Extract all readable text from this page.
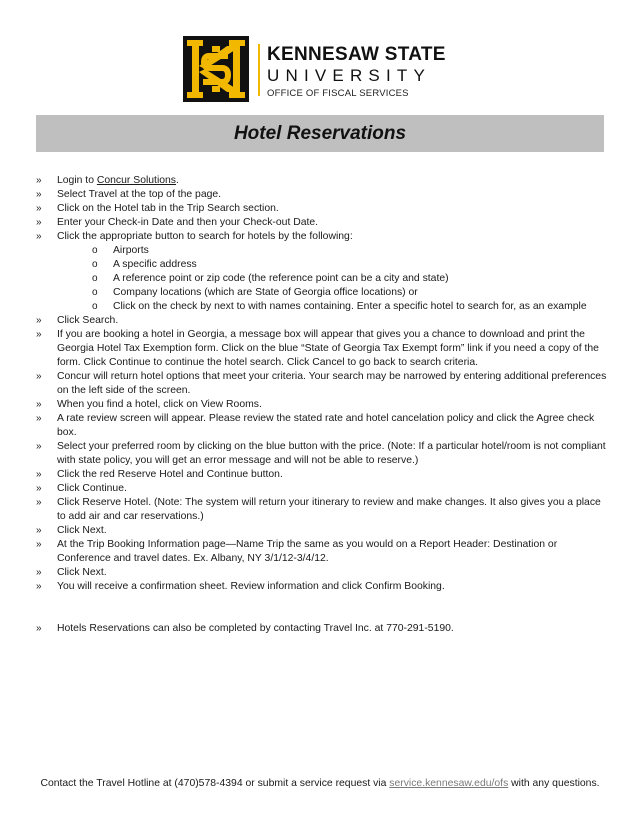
KENNESAW STATE
UNIVERSITY
OFFICE OF FISCAL SERVICES
Hotel Reservations
» Login to Concur Solutions.
» Select Travel at the top of the page.
» Click on the Hotel tab in the Trip Search section.
» Enter your Check-in Date and then your Check-out Date.
» Click the appropriate button to search for hotels by the following:
o Airports
o A specific address
o A reference point or zip code (the reference point can be a city and state)
o Company locations (which are State of Georgia office locations) or
o Click on the check by next to with names containing. Enter a specific hotel to search for, as an example
» Click Search.
» If you are booking a hotel in Georgia, a message box will appear that gives you a chance to download and print the Georgia Hotel Tax Exemption form. Click on the blue “State of Georgia Tax Exempt form” link if you need a copy of the form. Click Continue to continue the hotel search. Click Cancel to go back to search criteria.
» Concur will return hotel options that meet your criteria. Your search may be narrowed by entering additional preferences on the left side of the screen.
» When you find a hotel, click on View Rooms.
» A rate review screen will appear. Please review the stated rate and hotel cancelation policy and click the Agree check box.
» Select your preferred room by clicking on the blue button with the price. (Note: If a particular hotel/room is not compliant with state policy, you will get an error message and will not be able to reserve.)
» Click the red Reserve Hotel and Continue button.
» Click Continue.
» Click Reserve Hotel. (Note: The system will return your itinerary to review and make changes. It also gives you a place to add air and car reservations.)
» Click Next.
» At the Trip Booking Information page—Name Trip the same as you would on a Report Header: Destination or Conference and travel dates. Ex. Albany, NY 3/1/12-3/4/12.
» Click Next.
» You will receive a confirmation sheet. Review information and click Confirm Booking.
» Hotels Reservations can also be completed by contacting Travel Inc. at 770-291-5190.
Contact the Travel Hotline at (470)578-4394 or submit a service request via service.kennesaw.edu/ofs with any questions.
